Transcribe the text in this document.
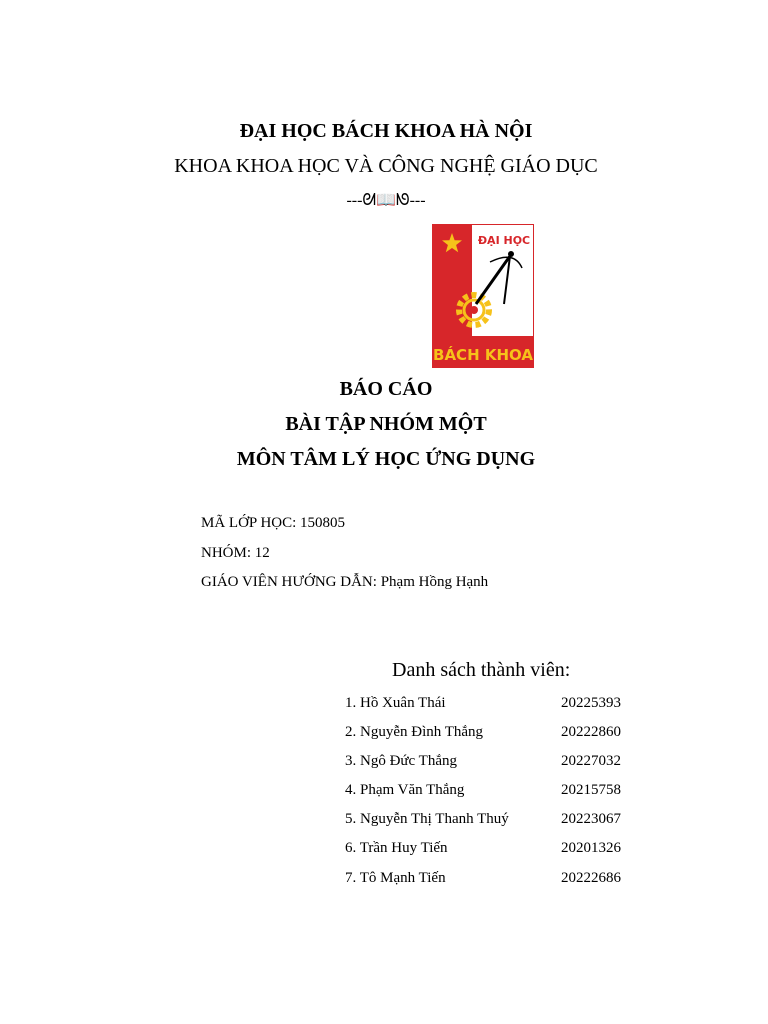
ĐẠI HỌC BÁCH KHOA HÀ NỘI
KHOA KHOA HỌC VÀ CÔNG NGHỆ GIÁO DỤC
---ᘛ📖ᘚ---
ĐẠI HỌC
BÁCH KHOA
BÁO CÁO
BÀI TẬP NHÓM MỘT
MÔN TÂM LÝ HỌC ỨNG DỤNG
MÃ LỚP HỌC: 150805
NHÓM: 12
GIÁO VIÊN HƯỚNG DẪN: Phạm Hồng Hạnh
Danh sách thành viên:
1. Hồ Xuân Thái	20225393
2. Nguyễn Đình Thắng	20222860
3. Ngô Đức Thắng	20227032
4. Phạm Văn Thắng	20215758
5. Nguyễn Thị Thanh Thuý	20223067
6. Trần Huy Tiến	20201326
7. Tô Mạnh Tiến	20222686
